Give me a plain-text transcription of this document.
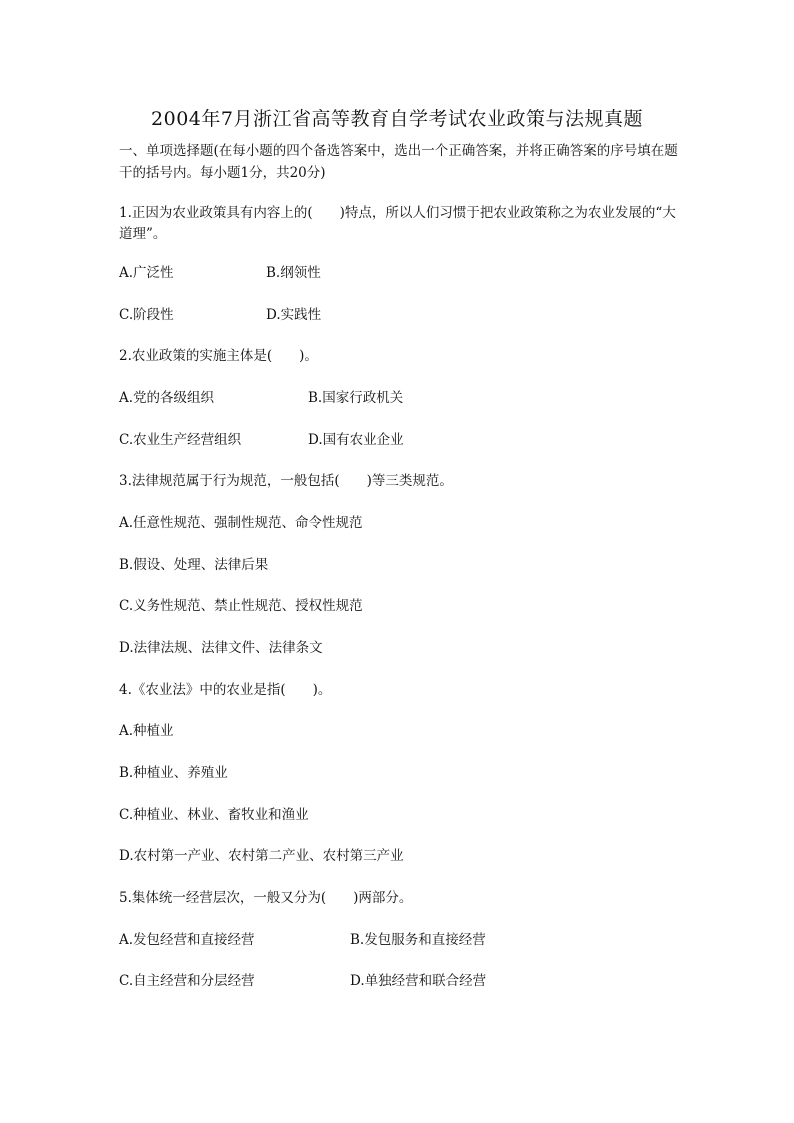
2004年7月浙江省高等教育自学考试农业政策与法规真题
一、单项选择题(在每小题的四个备选答案中，选出一个正确答案，并将正确答案的序号填在题干的括号内。每小题1分，共20分)
1.正因为农业政策具有内容上的(　　)特点，所以人们习惯于把农业政策称之为农业发展的“大道理”。
A.广泛性	B.纲领性
C.阶段性	D.实践性
2.农业政策的实施主体是(　　)。
A.党的各级组织	B.国家行政机关
C.农业生产经营组织	D.国有农业企业
3.法律规范属于行为规范，一般包括(　　)等三类规范。
A.任意性规范、强制性规范、命令性规范
B.假设、处理、法律后果
C.义务性规范、禁止性规范、授权性规范
D.法律法规、法律文件、法律条文
4.《农业法》中的农业是指(　　)。
A.种植业
B.种植业、养殖业
C.种植业、林业、畜牧业和渔业
D.农村第一产业、农村第二产业、农村第三产业
5.集体统一经营层次，一般又分为(　　)两部分。
A.发包经营和直接经营	B.发包服务和直接经营
C.自主经营和分层经营	D.单独经营和联合经营
